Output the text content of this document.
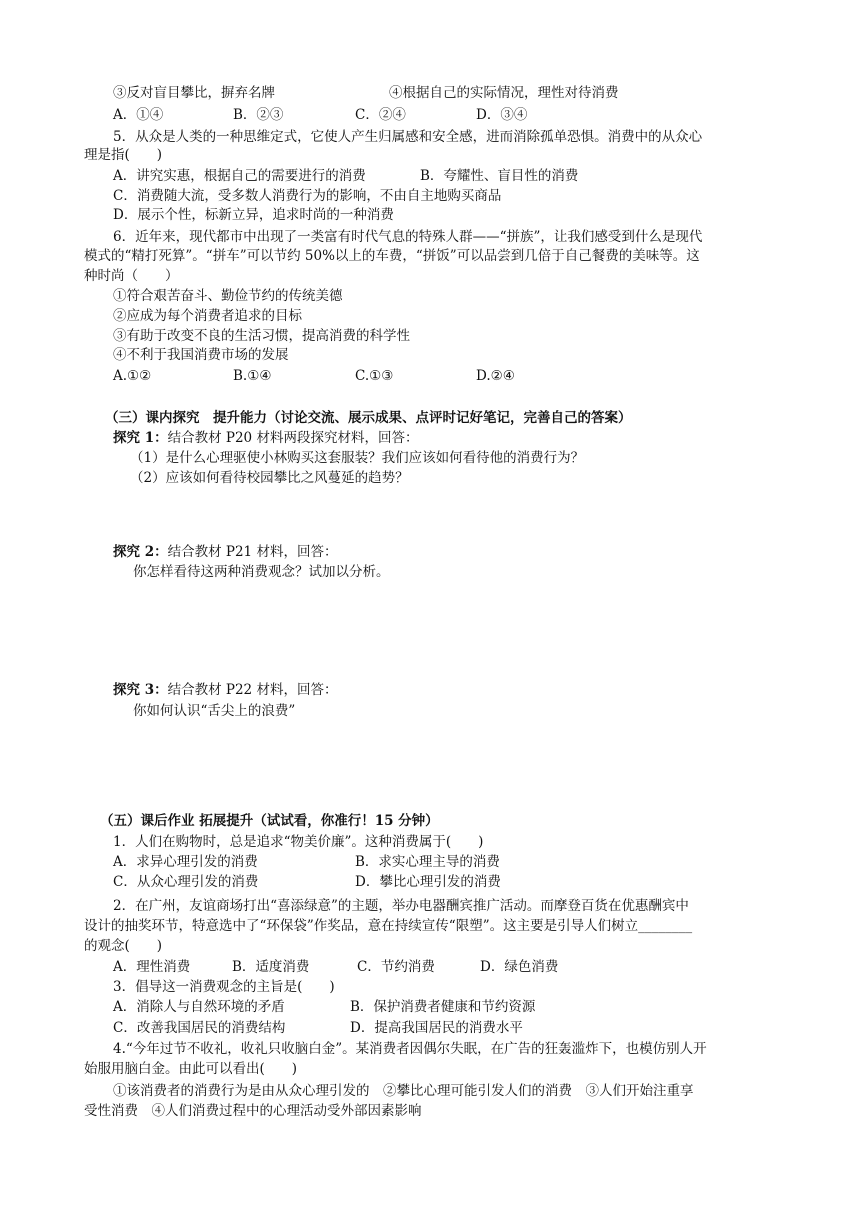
③反对盲目攀比，摒弃名牌	④根据自己的实际情况，理性对待消费
A．①④	B．②③	C．②④	D．③④
5．从众是人类的一种思维定式，它使人产生归属感和安全感，进而消除孤单恐惧。消费中的从众心
理是指(　　)
A．讲究实惠，根据自己的需要进行的消费	B．夸耀性、盲目性的消费
C．消费随大流，受多数人消费行为的影响，不由自主地购买商品
D．展示个性，标新立异，追求时尚的一种消费
6．近年来，现代都市中出现了一类富有时代气息的特殊人群——“拼族”，让我们感受到什么是现代
模式的“精打死算”。“拼车”可以节约 50%以上的车费，“拼饭”可以品尝到几倍于自己餐费的美味等。这
种时尚（　　）
①符合艰苦奋斗、勤俭节约的传统美德
②应成为每个消费者追求的目标
③有助于改变不良的生活习惯，提高消费的科学性
④不利于我国消费市场的发展
A.①②	B.①④	C.①③	D.②④
（三）课内探究　提升能力（讨论交流、展示成果、点评时记好笔记，完善自己的答案）
探究 1：结合教材 P20 材料两段探究材料，回答：
（1）是什么心理驱使小林购买这套服装？我们应该如何看待他的消费行为？
（2）应该如何看待校园攀比之风蔓延的趋势？
探究 2：结合教材 P21 材料，回答：
你怎样看待这两种消费观念？试加以分析。
探究 3：结合教材 P22 材料，回答：
你如何认识“舌尖上的浪费”
（五）课后作业 拓展提升（试试看，你准行！15 分钟）
1．人们在购物时，总是追求“物美价廉”。这种消费属于(　　)
A．求异心理引发的消费	B．求实心理主导的消费
C．从众心理引发的消费	D．攀比心理引发的消费
2．在广州，友谊商场打出“喜添绿意”的主题，举办电器酬宾推广活动。而摩登百货在优惠酬宾中
设计的抽奖环节，特意选中了“环保袋”作奖品，意在持续宣传“限塑”。这主要是引导人们树立________
的观念(　　)
A．理性消费	B．适度消费	C．节约消费	D．绿色消费
3．倡导这一消费观念的主旨是(　　)
A．消除人与自然环境的矛盾	B．保护消费者健康和节约资源
C．改善我国居民的消费结构	D．提高我国居民的消费水平
4.“今年过节不收礼，收礼只收脑白金”。某消费者因偶尔失眠，在广告的狂轰滥炸下，也模仿别人开
始服用脑白金。由此可以看出(　　)
①该消费者的消费行为是由从众心理引发的　②攀比心理可能引发人们的消费　③人们开始注重享
受性消费　④人们消费过程中的心理活动受外部因素影响
